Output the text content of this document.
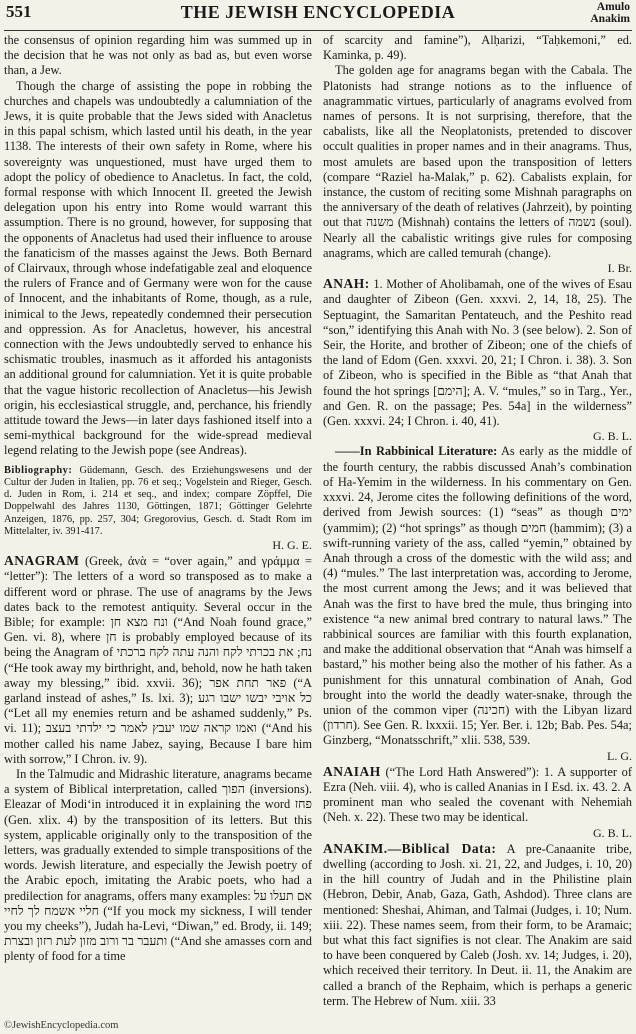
551	THE JEWISH ENCYCLOPEDIA	Amulo
Anakim

the consensus of opinion regarding him was summed up in the decision that he was not only as bad as, but even worse than, a Jew.

Though the charge of assisting the pope in robbing the churches and chapels was undoubtedly a calumniation of the Jews, it is quite probable that the Jews sided with Anacletus in this papal schism, which lasted until his death, in the year 1138. The interests of their own safety in Rome, where his sovereignty was unquestioned, must have urged them to adopt the policy of obedience to Anacletus. In fact, the cold, formal response with which Innocent II. greeted the Jewish delegation upon his entry into Rome would warrant this assumption. There is no ground, however, for supposing that the opponents of Anacletus had used their influence to arouse the fanaticism of the masses against the Jews. Both Bernard of Clairvaux, through whose indefatigable zeal and eloquence the rulers of France and of Germany were won for the cause of Innocent, and the inhabitants of Rome, though, as a rule, inimical to the Jews, repeatedly condemned their persecution and oppression. As for Anacletus, however, his ancestral connection with the Jews undoubtedly served to enhance his schismatic troubles, inasmuch as it afforded his antagonists an additional ground for calumniation. Yet it is quite probable that the vague historic recollection of Anacletus—his Jewish origin, his ecclesiastical struggle, and, perchance, his friendly attitude toward the Jews—in later days fashioned itself into a semi-mythical background for the wide-spread medieval legend relating to the Jewish pope (see Andreas).

Bibliography: Güdemann, Gesch. des Erziehungswesens und der Cultur der Juden in Italien, pp. 76 et seq.; Vogelstein and Rieger, Gesch. d. Juden in Rom, i. 214 et seq., and index; compare Zöpffel, Die Doppelwahl des Jahres 1130, Göttingen, 1871; Göttinger Gelehrte Anzeigen, 1876, pp. 257, 304; Gregorovius, Gesch. d. Stadt Rom im Mittelalter, iv. 391-417.

H. G. E.

ANAGRAM (Greek, ἀνὰ = “over again,” and γράμμα = “letter”): The letters of a word so transposed as to make a different word or phrase. The use of anagrams by the Jews dates back to the remotest antiquity. Several occur in the Bible; for example: ונח מצא חן (“And Noah found grace,” Gen. vi. 8), where חן is probably employed because of its being the Anagram of נח; את בכרתי לקח והנה עתה לקח ברכתי (“He took away my birthright, and, behold, now he hath taken away my blessing,” ibid. xxvii. 36); פאר תחת אפר (“A garland instead of ashes,” Is. lxi. 3); כל אויבי יבשו ישבו רגע (“Let all my enemies return and be ashamed suddenly,” Ps. vi. 11); ואמו קראה שמו יעבץ לאמר כי ילדתי בעצב (“And his mother called his name Jabez, saying, Because I bare him with sorrow,” I Chron. iv. 9).

In the Talmudic and Midrashic literature, anagrams became a system of Biblical interpretation, called הפוך (inversions). Eleazar of Modi‘in introduced it in explaining the word פחז (Gen. xlix. 4) by the transposition of its letters. But this system, applicable originally only to the transposition of the letters, was gradually extended to simple transpositions of the words. Jewish literature, and especially the Jewish poetry of the Arabic epoch, imitating the Arabic poets, who had a predilection for anagrams, offers many examples: אם תעלו על חליי אשמח לך לחיי (“If you mock my sickness, I will tender you my cheeks”), Judah ha-Levi, “Diwan,” ed. Brody, ii. 149; ותעבר בר ורוב מזון לעת רזון ובצרת (“And she amasses corn and plenty of food for a time

of scarcity and famine”), Alḥarizi, “Taḥkemoni,” ed. Kaminka, p. 49).

The golden age for anagrams began with the Cabala. The Platonists had strange notions as to the influence of anagrammatic virtues, particularly of anagrams evolved from names of persons. It is not surprising, therefore, that the cabalists, like all the Neoplatonists, pretended to discover occult qualities in proper names and in their anagrams. Thus, most amulets are based upon the transposition of letters (compare “Raziel ha-Malak,” p. 62). Cabalists explain, for instance, the custom of reciting some Mishnah paragraphs on the anniversary of the death of relatives (Jahrzeit), by pointing out that משנה (Mishnah) contains the letters of נשמה (soul). Nearly all the cabalistic writings give rules for composing anagrams, which are called temurah (change).

I. Br.

ANAH: 1. Mother of Aholibamah, one of the wives of Esau and daughter of Zibeon (Gen. xxxvi. 2, 14, 18, 25). The Septuagint, the Samaritan Pentateuch, and the Peshito read “son,” identifying this Anah with No. 3 (see below). 2. Son of Seir, the Horite, and brother of Zibeon; one of the chiefs of the land of Edom (Gen. xxxvi. 20, 21; I Chron. i. 38). 3. Son of Zibeon, who is specified in the Bible as “that Anah that found the hot springs [הימם]; A. V. “mules,” so in Targ., Yer., and Gen. R. on the passage; Pes. 54a] in the wilderness” (Gen. xxxvi. 24; I Chron. i. 40, 41).

G. B. L.

——In Rabbinical Literature: As early as the middle of the fourth century, the rabbis discussed Anah’s combination of Ha-Yemim in the wilderness. In his commentary on Gen. xxxvi. 24, Jerome cites the following definitions of the word, derived from Jewish sources: (1) “seas” as though ימים (yammim); (2) “hot springs” as though חמים (ḥammim); (3) a swift-running variety of the ass, called “yemin,” obtained by Anah through a cross of the domestic with the wild ass; and (4) “mules.” The last interpretation was, according to Jerome, the most current among the Jews; and it was believed that Anah was the first to have bred the mule, thus bringing into existence “a new animal bred contrary to natural laws.” The rabbinical sources are familiar with this fourth explanation, and make the additional observation that “Anah was himself a bastard,” his mother being also the mother of his father. As a punishment for this unnatural combination of Anah, God brought into the world the deadly water-snake, through the union of the common viper (חכינה) with the Libyan lizard (חרדון). See Gen. R. lxxxii. 15; Yer. Ber. i. 12b; Bab. Pes. 54a; Ginzberg, “Monatsschrift,” xlii. 538, 539.

L. G.

ANAIAH (“The Lord Hath Answered”): 1. A supporter of Ezra (Neh. viii. 4), who is called Ananias in I Esd. ix. 43. 2. A prominent man who sealed the covenant with Nehemiah (Neh. x. 22). These two may be identical.

G. B. L.

ANAKIM.—Biblical Data: A pre-Canaanite tribe, dwelling (according to Josh. xi. 21, 22, and Judges, i. 10, 20) in the hill country of Judah and in the Philistine plain (Hebron, Debir, Anab, Gaza, Gath, Ashdod). Three clans are mentioned: Sheshai, Ahiman, and Talmai (Judges, i. 10; Num. xiii. 22). These names seem, from their form, to be Aramaic; but what this fact signifies is not clear. The Anakim are said to have been conquered by Caleb (Josh. xv. 14; Judges, i. 20), which received their territory. In Deut. ii. 11, the Anakim are called a branch of the Rephaim, which is perhaps a generic term. The Hebrew of Num. xiii. 33

©JewishEncyclopedia.com
